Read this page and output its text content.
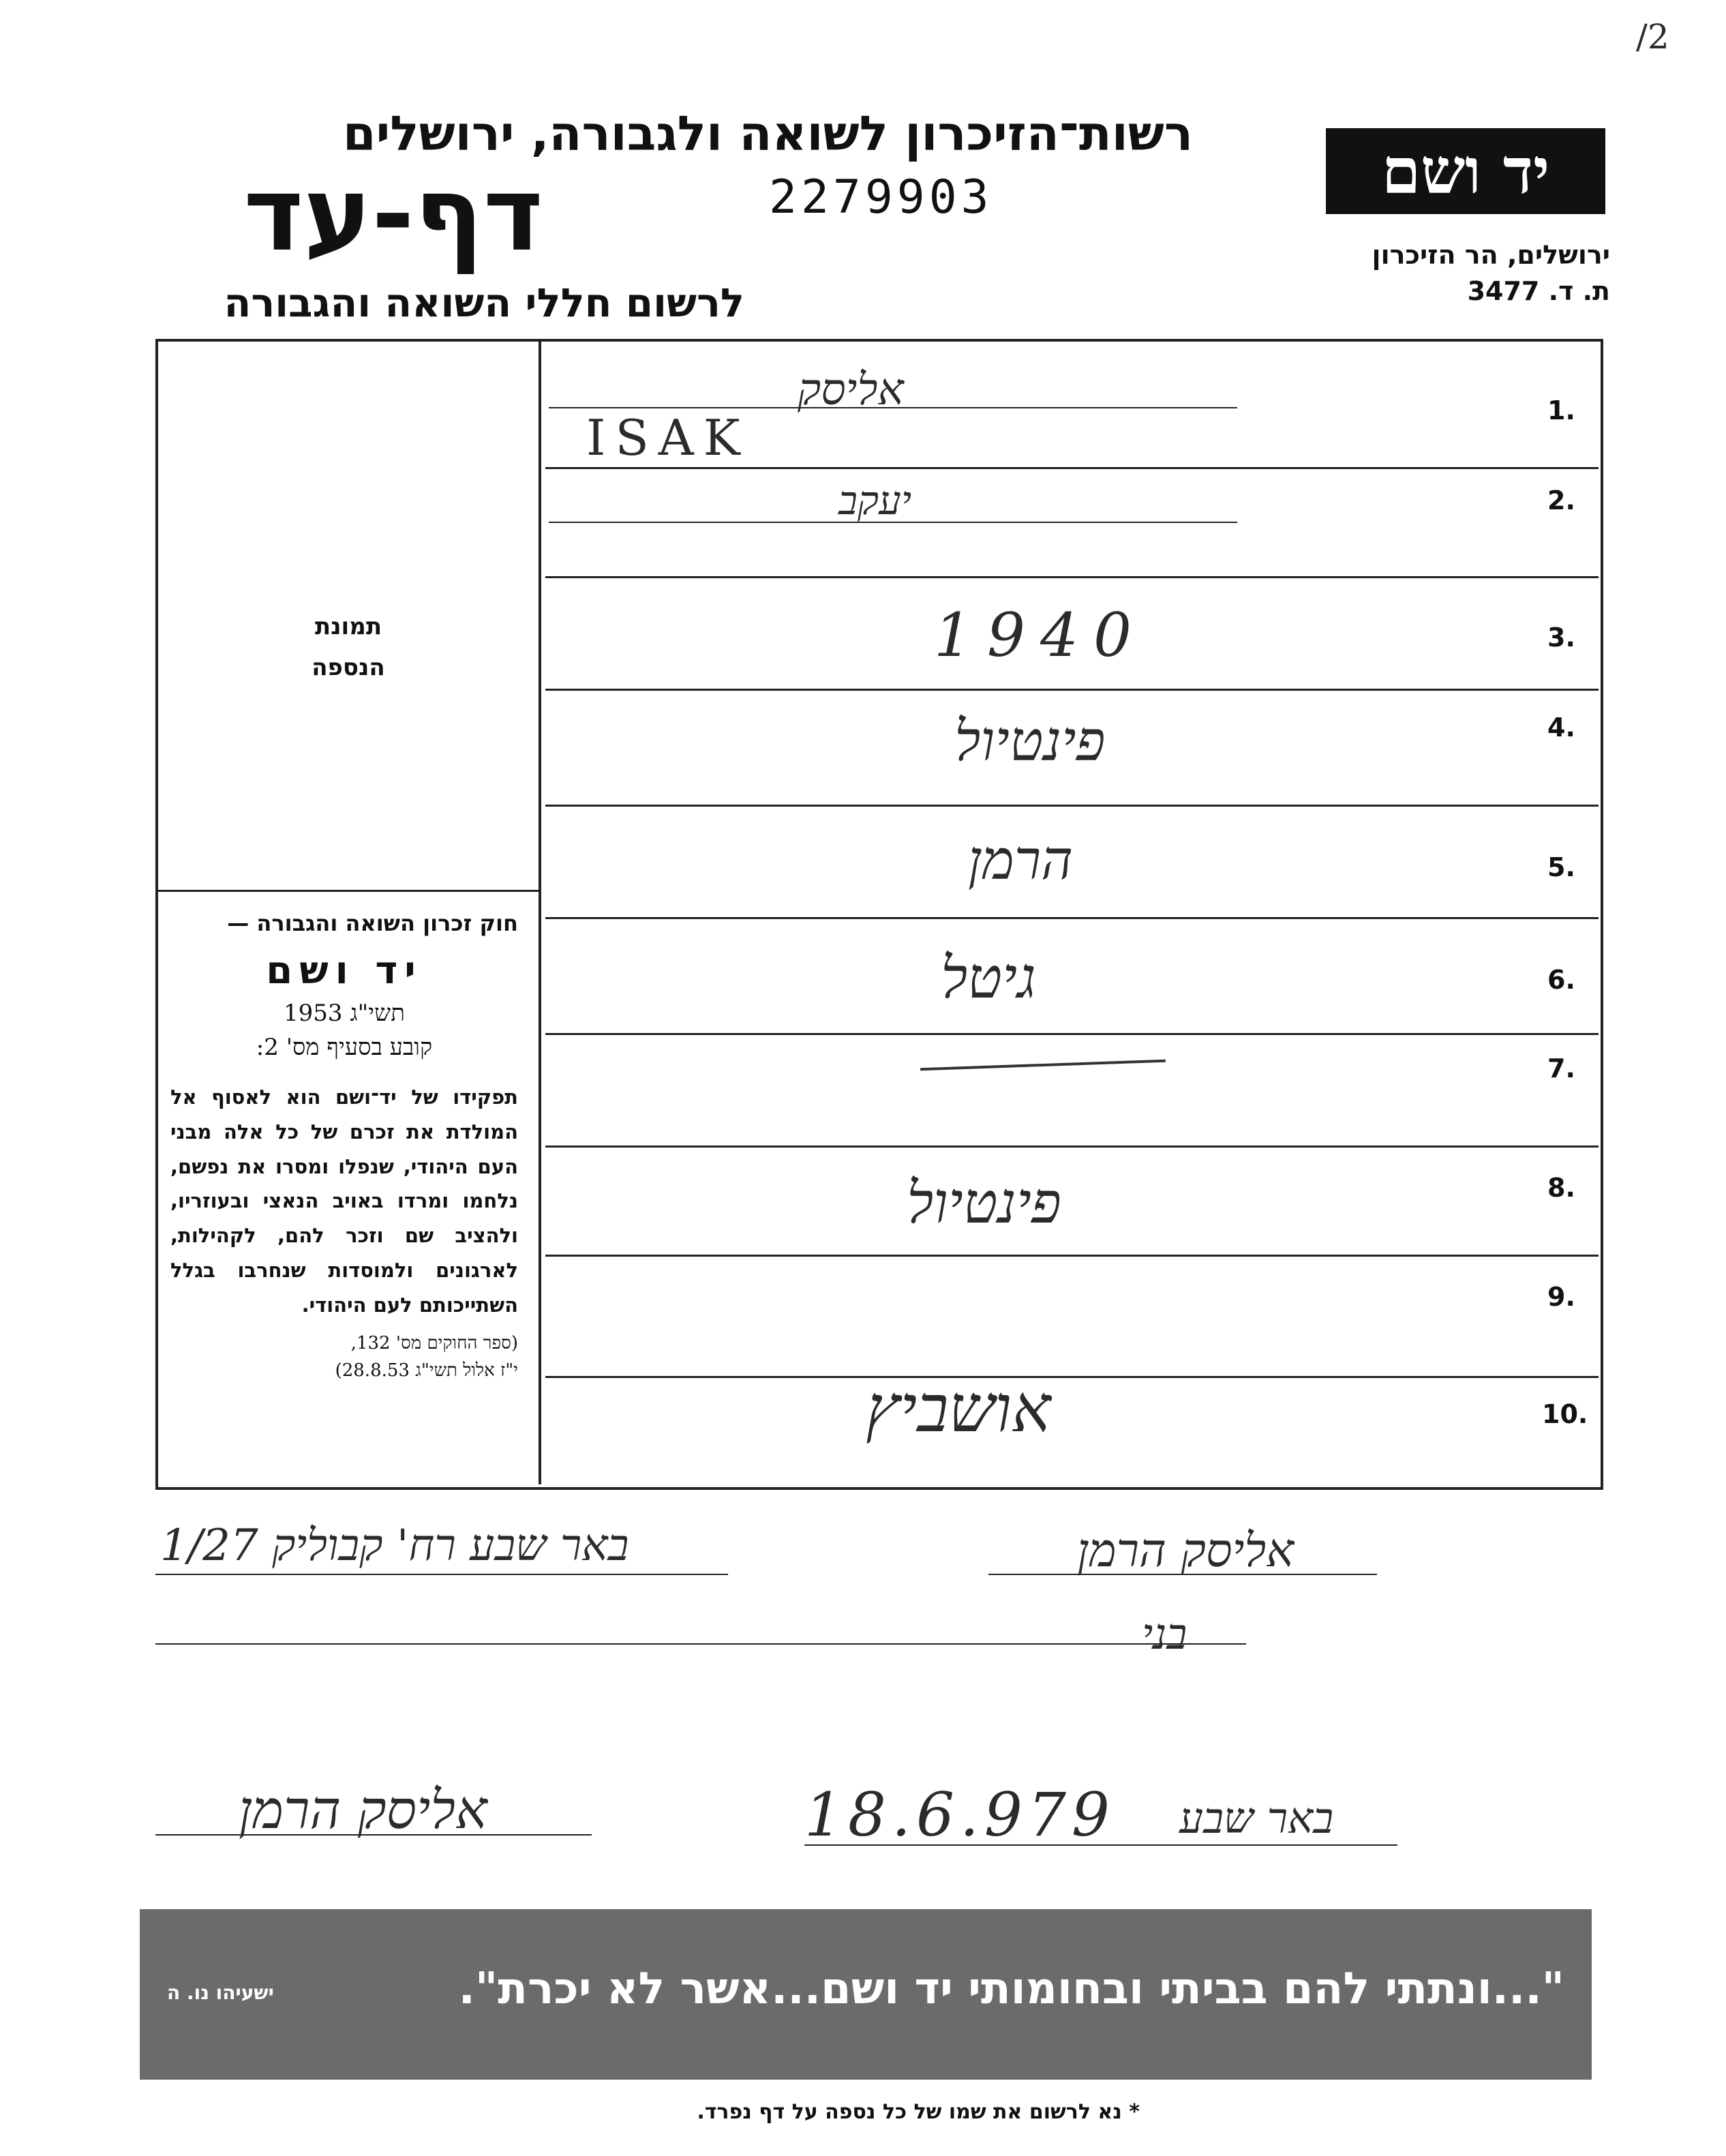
/2
רשות־הזיכרון לשואה ולגבורה, ירושלים
דף-עד	2279903
לרשום חללי השואה והגבורה
יד ושם
ירושלים, הר הזיכרון
ת. ד. 3477
תמונת
הנספה

חוק זכרון השואה והגבורה —

יד ושם

תשי"ג 1953

קובע בסעיף מס' 2:

תפקידו של יד־ושם הוא לאסוף אל המולדת את זכרם של כל אלה מבני העם היהודי, שנפלו ומסרו את נפשם, נלחמו ומרדו באויב הנאצי ובעוזריו, ולהציב שם וזכר להם, לקהילות, לארגונים ולמוסדות שנחרבו בגלל השתייכותם לעם היהודי.

(ספר החוקים מס' 132,

י"ז אלול תשי"ג 28.8.53)

1.
אליסק
ISAK
2.
יעקב
3.
1940
4.
פינטיול
5.
הרמן
6.
גיטל
7.
8.
פינטיול
9.
10.
אושביץ
אליסק הרמן
באר שבע רח' קבוליק 1/27
בני
באר שבע
18.6.979
אליסק הרמן
"...ונתתי להם בביתי ובחומותי יד ושם...אשר לא יכרת".
ישעיהו נו. ה
* נא לרשום את שמו של כל נספה על דף נפרד.
